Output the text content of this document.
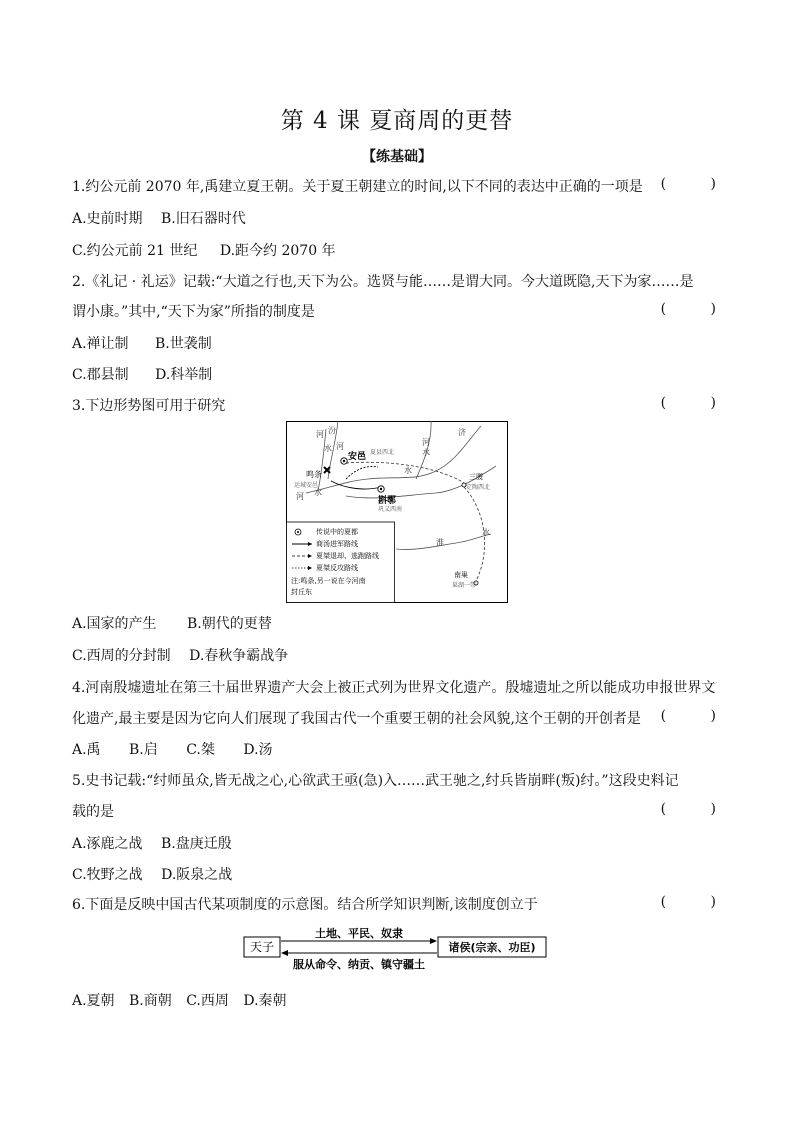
第 4 课 夏商周的更替
【练基础】
1.约公元前 2070 年,禹建立夏王朝。关于夏王朝建立的时间,以下不同的表达中正确的一项是	(          )
A.史前时期 B.旧石器时代
C.约公元前 21 世纪 D.距今约 2070 年
2.《礼记 · 礼运》记载:“大道之行也,天下为公。选贤与能……是谓大同。今大道既隐,天下为家……是
谓小康。”其中,“天下为家”所指的制度是	(          )
A.禅让制 B.世袭制
C.郡县制 D.科举制
3.下边形势图可用于研究	(          )
汾
河
河
水
安邑 夏县西北
鸣条
运城安邑
河 水
斟鄩
巩义西南
河
水
济
水
三朡
定陶西北
淮
水
南巢
巢湖一带
传说中的夏都
商汤进军路线
夏桀退却、逃跑路线
夏桀反攻路线
注:鸣条,另一说在今河南
封丘东
A.国家的产生 B.朝代的更替
C.西周的分封制 D.春秋争霸战争
4.河南殷墟遗址在第三十届世界遗产大会上被正式列为世界文化遗产。殷墟遗址之所以能成功申报世界文
化遗产,最主要是因为它向人们展现了我国古代一个重要王朝的社会风貌,这个王朝的开创者是	(          )
A.禹 B.启 C.桀 D.汤
5.史书记载:“纣师虽众,皆无战之心,心欲武王亟(急)入……武王驰之,纣兵皆崩畔(叛)纣。”这段史料记
载的是	(          )
A.涿鹿之战 B.盘庚迁殷
C.牧野之战 D.阪泉之战
6.下面是反映中国古代某项制度的示意图。结合所学知识判断,该制度创立于	(          )
天子	诸侯(宗亲、功臣)
土地、平民、奴隶
服从命令、纳贡、镇守疆土
A.夏朝 B.商朝 C.西周 D.秦朝
